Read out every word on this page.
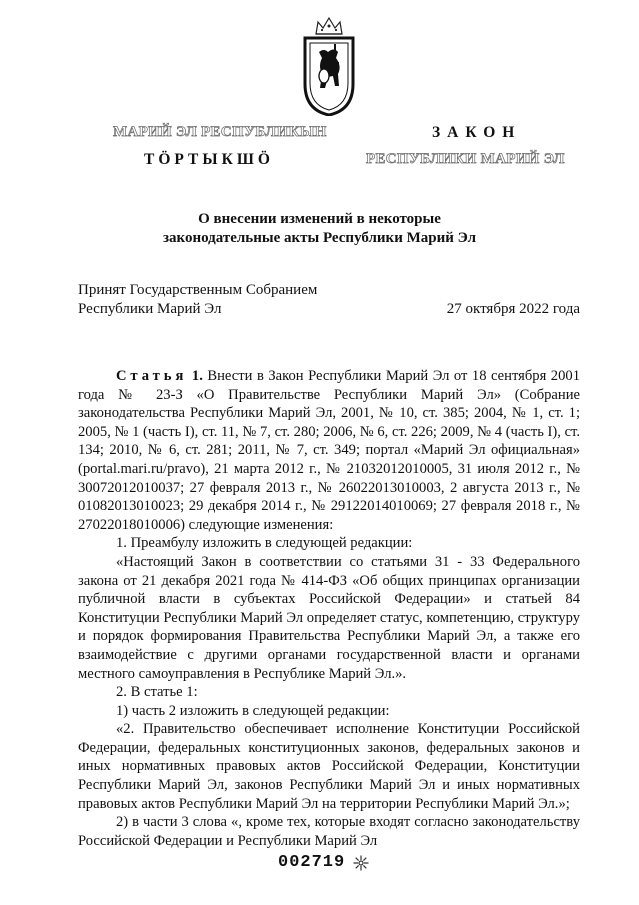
МАРИЙ ЭЛ РЕСПУБЛИКЫН
ТӦРТЫКШӦ
ЗАКОН
РЕСПУБЛИКИ МАРИЙ ЭЛ
О внесении изменений в некоторые
законодательные акты Республики Марий Эл
Принят Государственным Собранием
Республики Марий Эл	27 октября 2022 года

Статья 1. Внести в Закон Республики Марий Эл от 18 сентября 2001 года № 23-З «О Правительстве Республики Марий Эл» (Собрание законодательства Республики Марий Эл, 2001, № 10, ст. 385; 2004, № 1, ст. 1; 2005, № 1 (часть I), ст. 11, № 7, ст. 280; 2006, № 6, ст. 226; 2009, № 4 (часть I), ст. 134; 2010, № 6, ст. 281; 2011, № 7, ст. 349; портал «Марий Эл официальная» (portal.mari.ru/pravo), 21 марта 2012 г., № 21032012010005, 31 июля 2012 г., № 30072012010037; 27 февраля 2013 г., № 26022013010003, 2 августа 2013 г., № 01082013010023; 29 декабря 2014 г., № 29122014010069; 27 февраля 2018 г., № 27022018010006) следующие изменения:

1. Преамбулу изложить в следующей редакции:

«Настоящий Закон в соответствии со статьями 31 - 33 Федерального закона от 21 декабря 2021 года № 414-ФЗ «Об общих принципах организации публичной власти в субъектах Российской Федерации» и статьей 84 Конституции Республики Марий Эл определяет статус, компетенцию, структуру и порядок формирования Правительства Республики Марий Эл, а также его взаимодействие с другими органами государственной власти и органами местного самоуправления в Республике Марий Эл.».

2. В статье 1:

1) часть 2 изложить в следующей редакции:

«2. Правительство обеспечивает исполнение Конституции Российской Федерации, федеральных конституционных законов, федеральных законов и иных нормативных правовых актов Российской Федерации, Конституции Республики Марий Эл, законов Республики Марий Эл и иных нормативных правовых актов Республики Марий Эл на территории Республики Марий Эл.»;

2) в части 3 слова «, кроме тех, которые входят согласно законодательству Российской Федерации и Республики Марий Эл

002719
